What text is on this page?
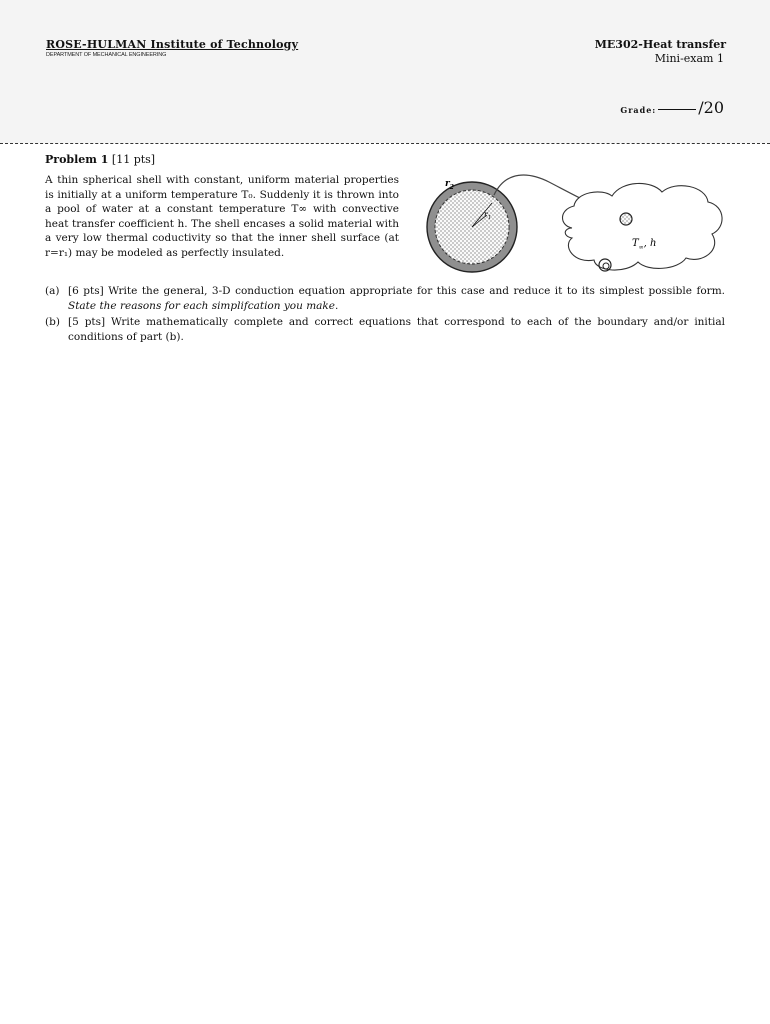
ROSE-HULMAN Institute of Technology
DEPARTMENT OF MECHANICAL ENGINEERING
ME302-Heat transfer
Mini-exam 1
Grade:	/20
Problem 1 [11 pts]
A thin spherical shell with constant, uniform material properties is initially at a uniform temperature T₀. Suddenly it is thrown into a pool of water at a constant temperature T∞ with convective heat transfer coefficient h. The shell encases a solid material with a very low thermal coductivity so that the inner shell surface (at r=r₁) may be modeled as perfectly insulated.
$r_2$
$r_1$
$T_\infty$, h
(a) [6 pts] Write the general, 3-D conduction equation appropriate for this case and reduce it to its simplest possible form. State the reasons for each simplifcation you make.
(b) [5 pts] Write mathematically complete and correct equations that correspond to each of the boundary and/or initial conditions of part (b).
